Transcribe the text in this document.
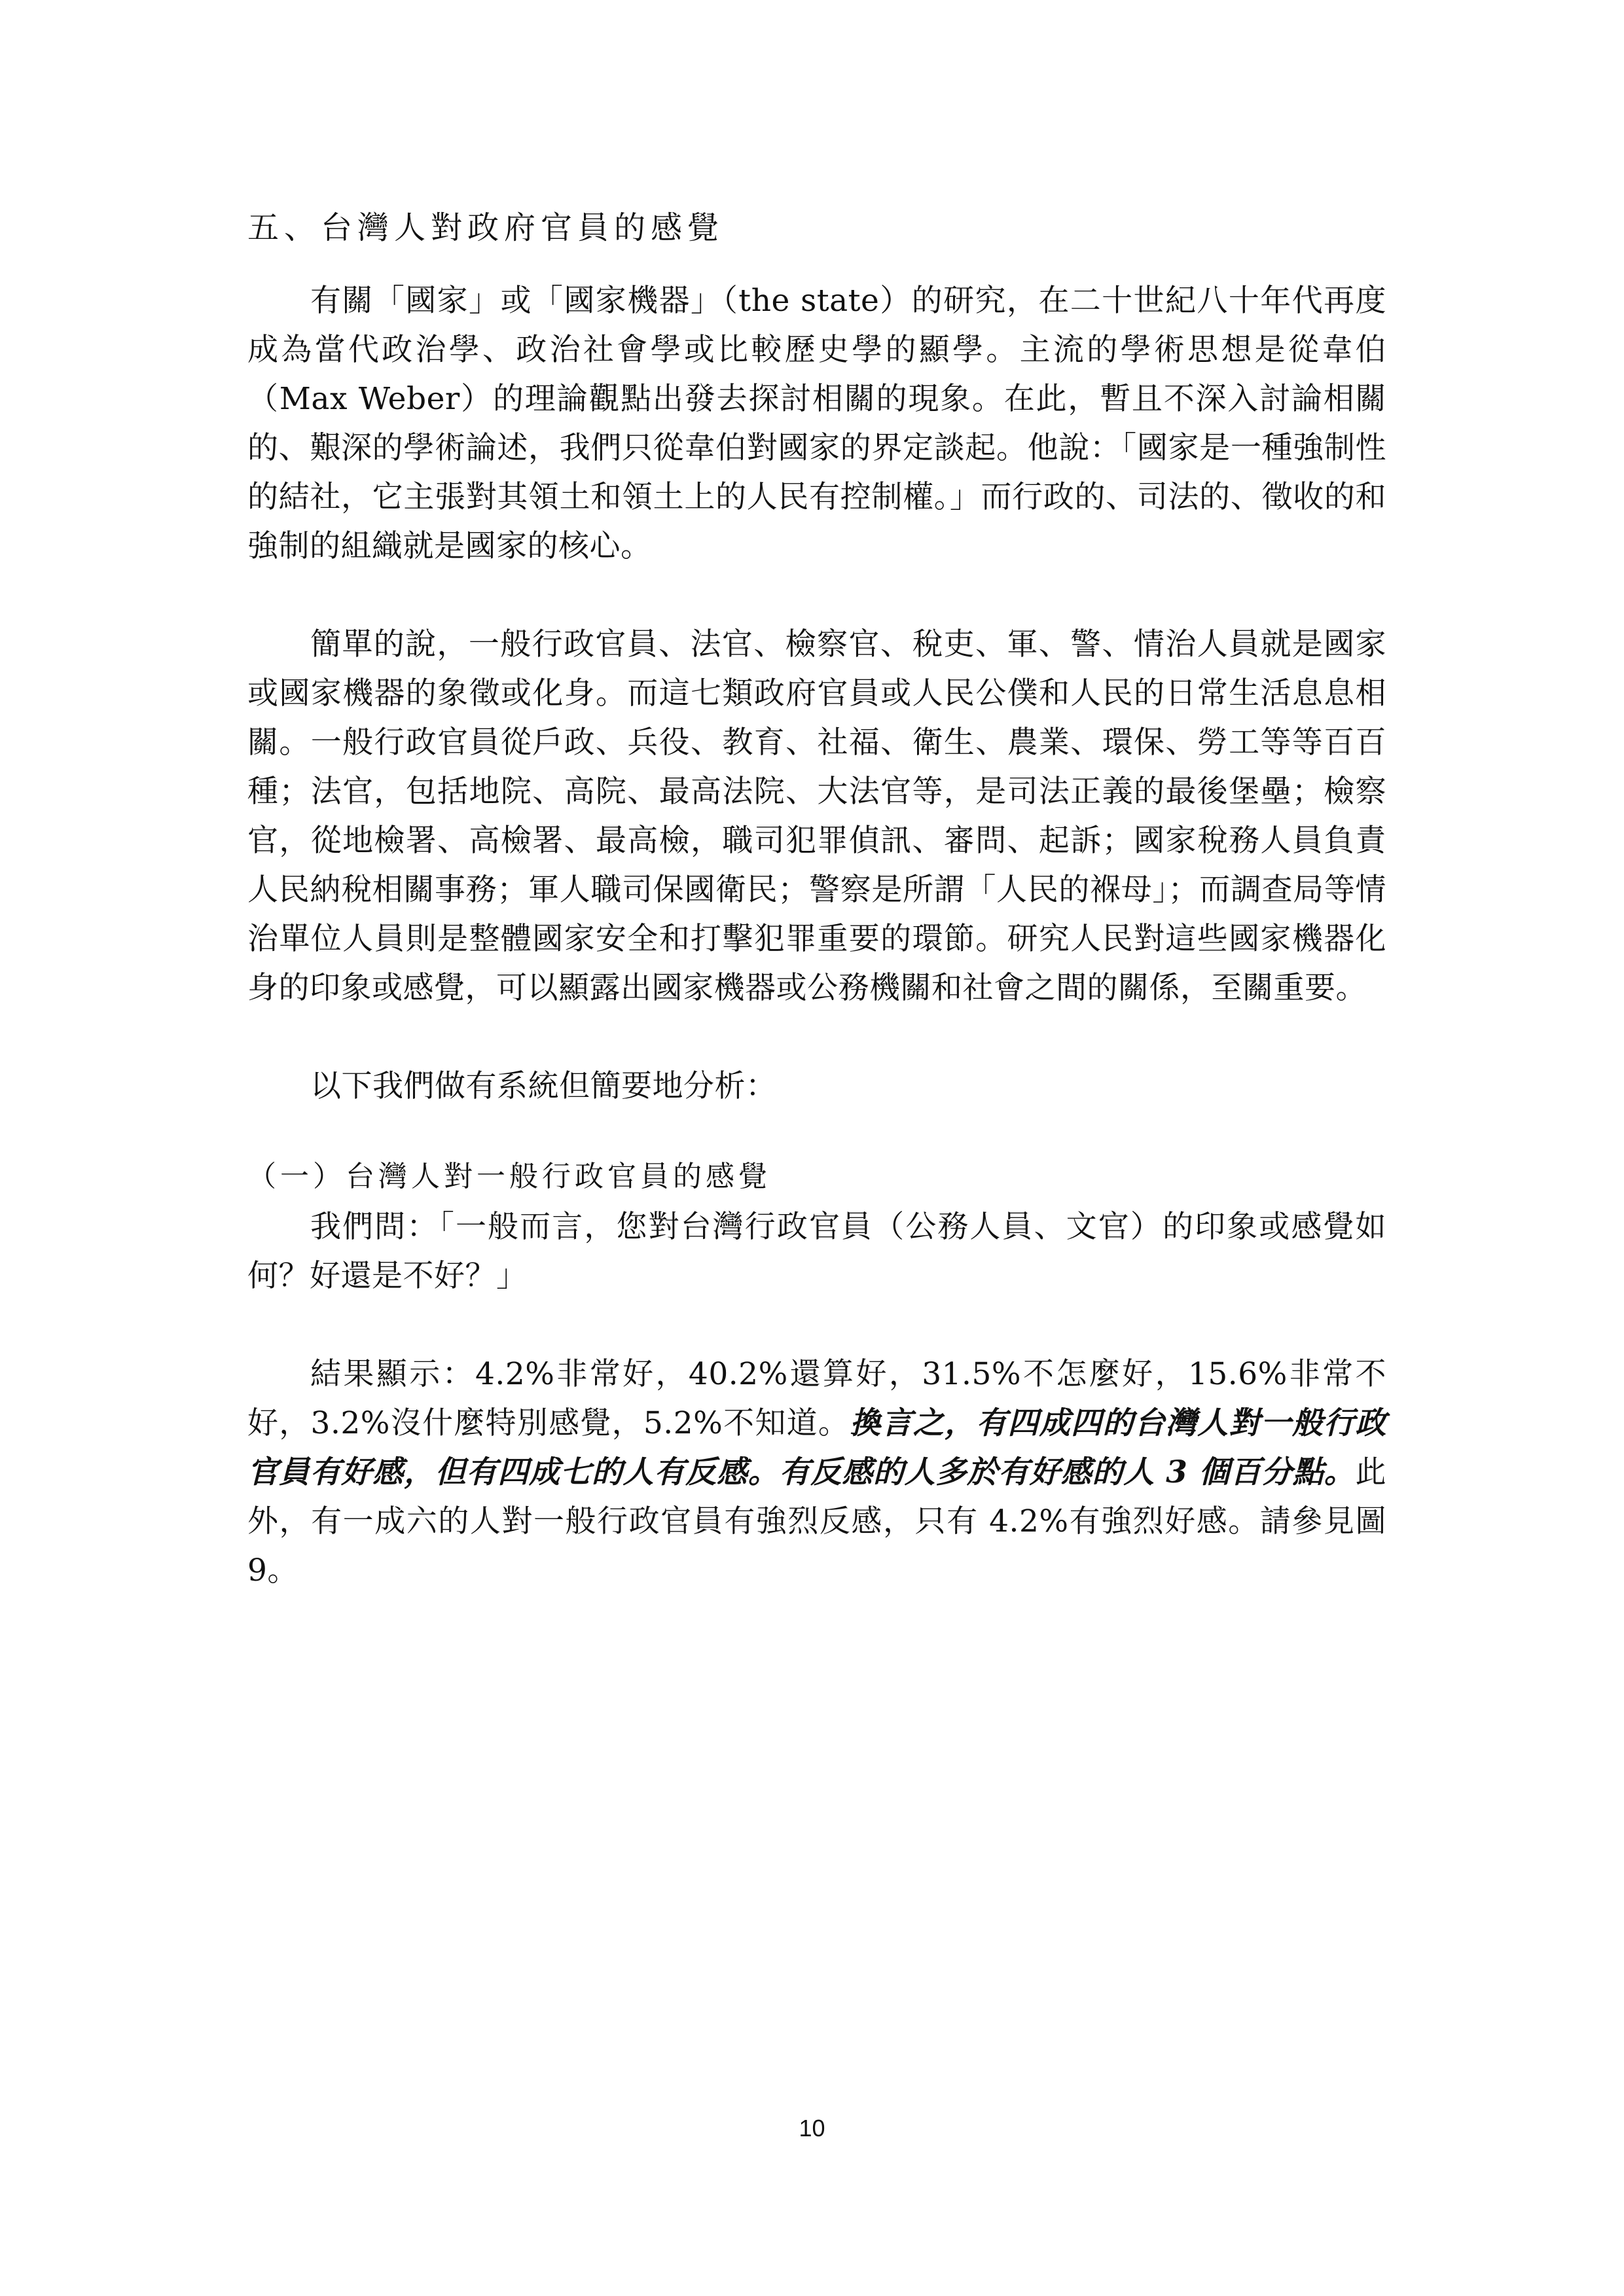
五、台灣人對政府官員的感覺

有關「國家」或「國家機器」（the state）的研究，在二十世紀八十年代再度成為當代政治學、政治社會學或比較歷史學的顯學。主流的學術思想是從韋伯（Max Weber）的理論觀點出發去探討相關的現象。在此，暫且不深入討論相關的、艱深的學術論述，我們只從韋伯對國家的界定談起。他說：「國家是一種強制性的結社，它主張對其領土和領土上的人民有控制權。」而行政的、司法的、徵收的和強制的組織就是國家的核心。

簡單的說，一般行政官員、法官、檢察官、稅吏、軍、警、情治人員就是國家或國家機器的象徵或化身。而這七類政府官員或人民公僕和人民的日常生活息息相關。一般行政官員從戶政、兵役、教育、社福、衛生、農業、環保、勞工等等百百種；法官，包括地院、高院、最高法院、大法官等，是司法正義的最後堡壘；檢察官，從地檢署、高檢署、最高檢，職司犯罪偵訊、審問、起訴；國家稅務人員負責人民納稅相關事務；軍人職司保國衛民；警察是所謂「人民的褓母」；而調查局等情治單位人員則是整體國家安全和打擊犯罪重要的環節。研究人民對這些國家機器化身的印象或感覺，可以顯露出國家機器或公務機關和社會之間的關係，至關重要。

以下我們做有系統但簡要地分析：

（一）台灣人對一般行政官員的感覺

我們問：「一般而言，您對台灣行政官員（公務人員、文官）的印象或感覺如何？好還是不好？」

結果顯示：4.2%非常好，40.2%還算好，31.5%不怎麼好，15.6%非常不好，3.2%沒什麼特別感覺，5.2%不知道。換言之，有四成四的台灣人對一般行政官員有好感，但有四成七的人有反感。有反感的人多於有好感的人 3 個百分點。此外，有一成六的人對一般行政官員有強烈反感，只有 4.2%有強烈好感。請參見圖 9。

10
